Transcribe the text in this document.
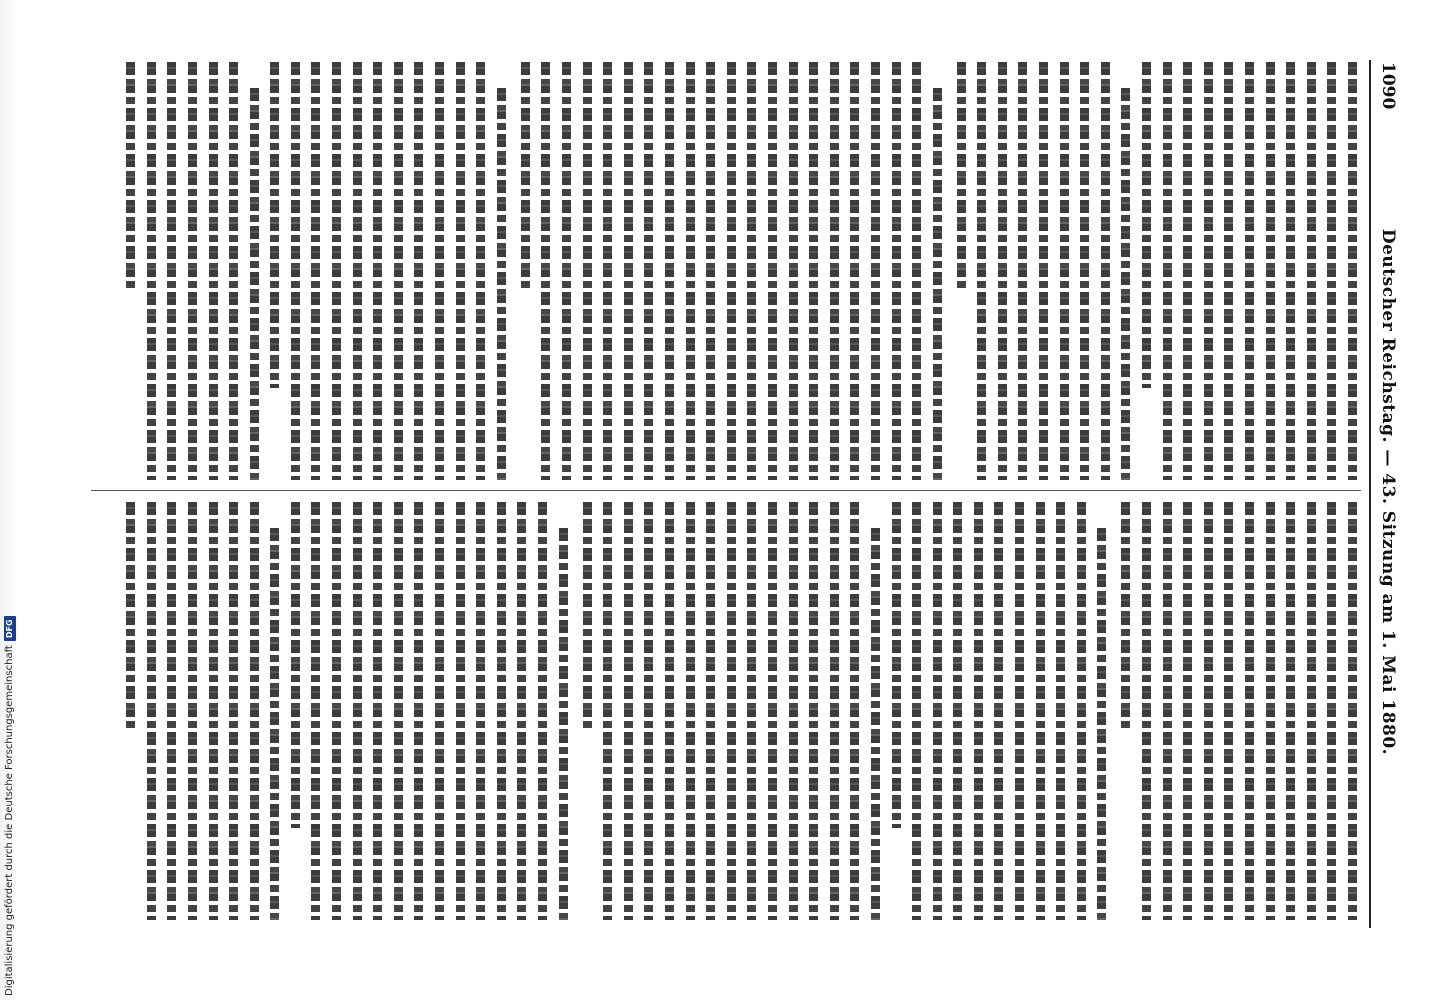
1090
Deutscher Reichstag. — 43. Sitzung am 1. Mai 1880.
Digitalisierung gefördert durch die Deutsche Forschungsgemeinschaft
DFG
